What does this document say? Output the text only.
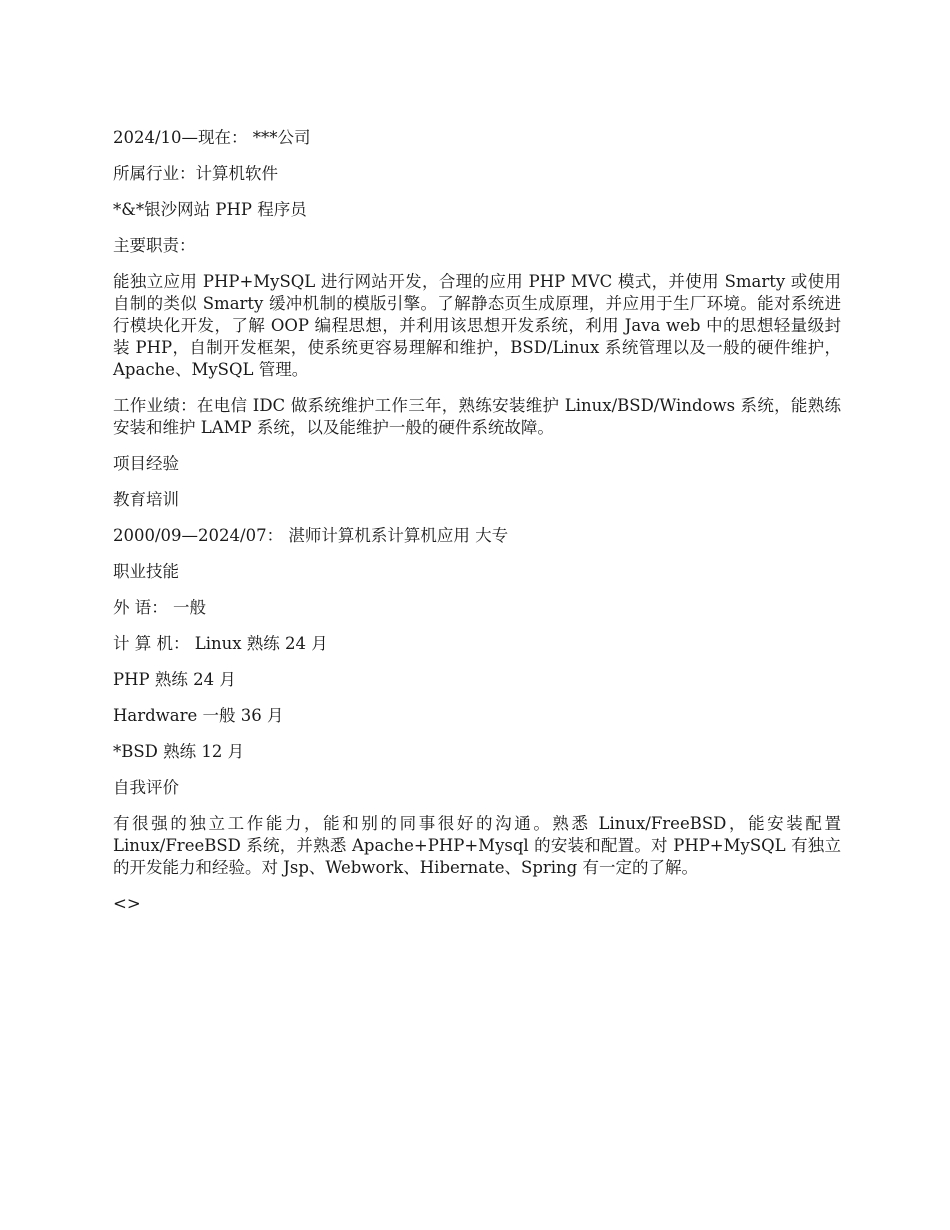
2024/10—现在： ***公司

所属行业：计算机软件

*&*银沙网站 PHP 程序员

主要职责：

能独立应用 PHP+MySQL 进行网站开发，合理的应用 PHP MVC 模式，并使用 Smarty 或使用自制的类似 Smarty 缓冲机制的模版引擎。了解静态页生成原理，并应用于生厂环境。能对系统进行模块化开发，了解 OOP 编程思想，并利用该思想开发系统，利用 Java web 中的思想轻量级封装 PHP，自制开发框架，使系统更容易理解和维护，BSD/Linux 系统管理以及一般的硬件维护，Apache、MySQL 管理。

工作业绩：在电信 IDC 做系统维护工作三年，熟练安装维护 Linux/BSD/Windows 系统，能熟练安装和维护 LAMP 系统，以及能维护一般的硬件系统故障。

项目经验

教育培训

2000/09—2024/07： 湛师计算机系计算机应用 大专

职业技能

外 语： 一般

计 算 机： Linux 熟练 24 月

PHP 熟练 24 月

Hardware 一般 36 月

*BSD 熟练 12 月

自我评价

有很强的独立工作能力，能和别的同事很好的沟通。熟悉 Linux/FreeBSD，能安装配置 Linux/FreeBSD 系统，并熟悉 Apache+PHP+Mysql 的安装和配置。对 PHP+MySQL 有独立的开发能力和经验。对 Jsp、Webwork、Hibernate、Spring 有一定的了解。

<>
